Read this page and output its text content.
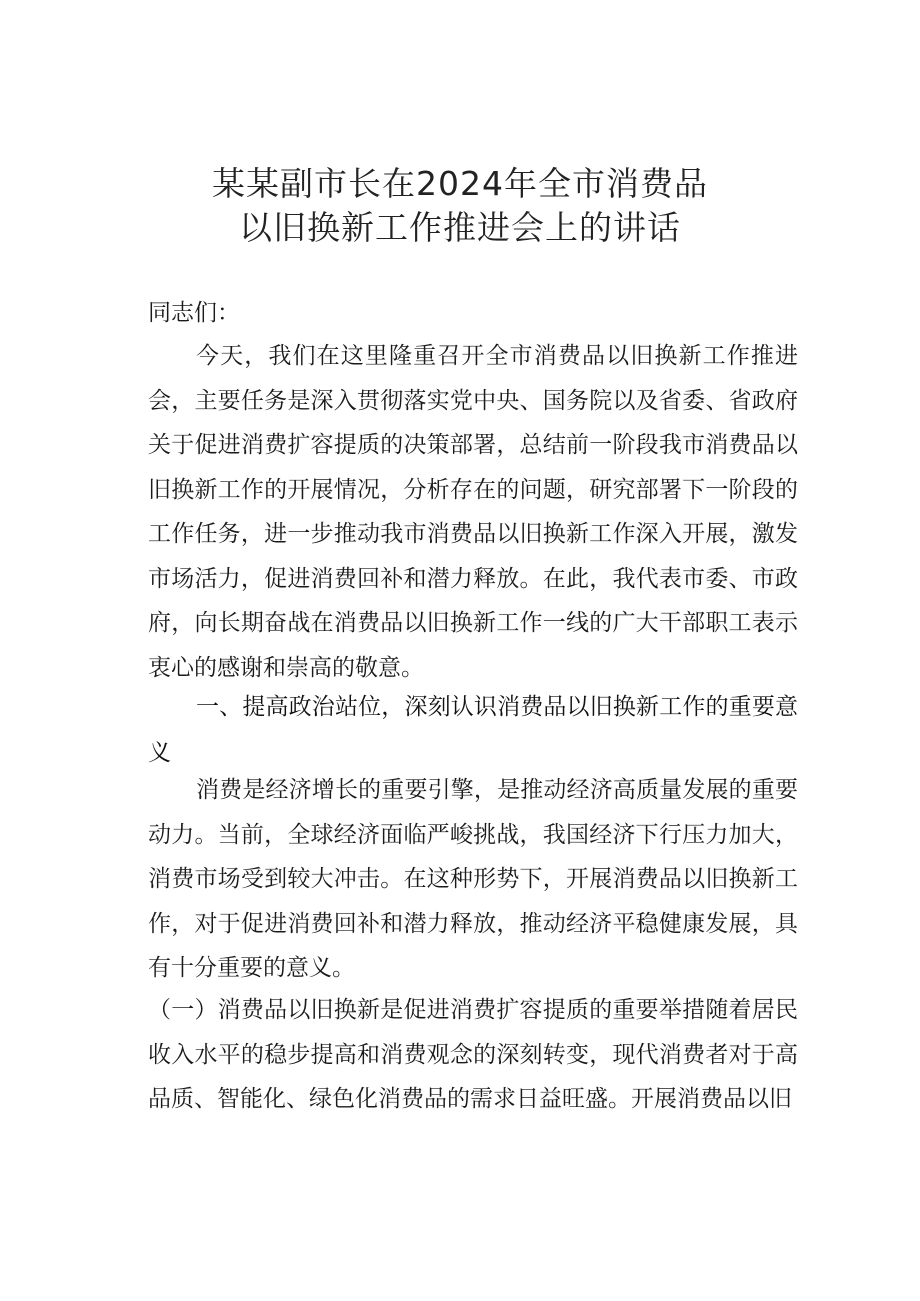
某某副市长在2024年全市消费品
以旧换新工作推进会上的讲话

同志们：

今天，我们在这里隆重召开全市消费品以旧换新工作推进会，主要任务是深入贯彻落实党中央、国务院以及省委、省政府关于促进消费扩容提质的决策部署，总结前一阶段我市消费品以旧换新工作的开展情况，分析存在的问题，研究部署下一阶段的工作任务，进一步推动我市消费品以旧换新工作深入开展，激发市场活力，促进消费回补和潜力释放。在此，我代表市委、市政府，向长期奋战在消费品以旧换新工作一线的广大干部职工表示衷心的感谢和崇高的敬意。

一、提高政治站位，深刻认识消费品以旧换新工作的重要意义

消费是经济增长的重要引擎，是推动经济高质量发展的重要动力。当前，全球经济面临严峻挑战，我国经济下行压力加大，消费市场受到较大冲击。在这种形势下，开展消费品以旧换新工作，对于促进消费回补和潜力释放，推动经济平稳健康发展，具有十分重要的意义。

（一）消费品以旧换新是促进消费扩容提质的重要举措随着居民收入水平的稳步提高和消费观念的深刻转变，现代消费者对于高品质、智能化、绿色化消费品的需求日益旺盛。开展消费品以旧
